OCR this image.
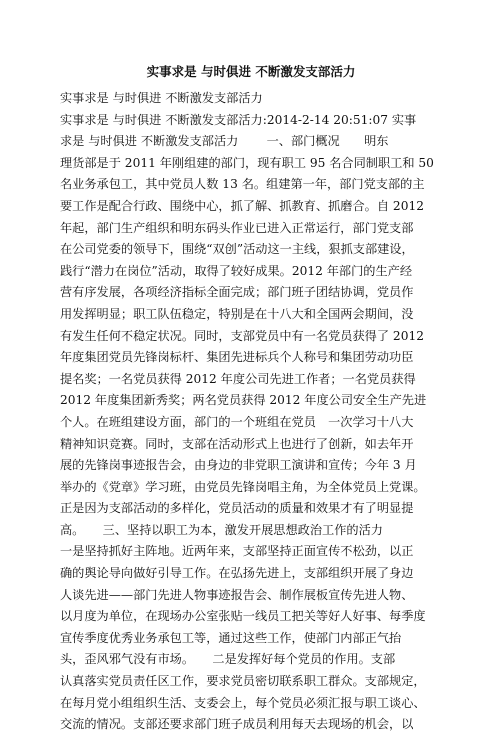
实事求是 与时俱进 不断激发支部活力
实事求是 与时俱进 不断激发支部活力
实事求是 与时俱进 不断激发支部活力:2014-2-14 20:51:07 实事
求是 与时俱进 不断激发支部活力 　　一、部门概况　　明东
理货部是于 2011 年刚组建的部门，现有职工 95 名合同制职工和 50
名业务承包工，其中党员人数 13 名。组建第一年，部门党支部的主
要工作是配合行政、围绕中心，抓了解、抓教育、抓磨合。自 2012
年起，部门生产组织和明东码头作业已进入正常运行，部门党支部
在公司党委的领导下，围绕“双创”活动这一主线，狠抓支部建设，
践行“潜力在岗位”活动，取得了较好成果。2012 年部门的生产经
营有序发展，各项经济指标全面完成；部门班子团结协调，党员作
用发挥明显；职工队伍稳定，特别是在十八大和全国两会期间，没
有发生任何不稳定状况。同时，支部党员中有一名党员获得了 2012
年度集团党员先锋岗标杆、集团先进标兵个人称号和集团劳动功臣
提名奖；一名党员获得 2012 年度公司先进工作者；一名党员获得
2012 年度集团新秀奖；两名党员获得 2012 年度公司安全生产先进
个人。在班组建设方面，部门的一个班组在党员　一次学习十八大
精神知识竞赛。同时，支部在活动形式上也进行了创新，如去年开
展的先锋岗事迹报告会，由身边的非党职工演讲和宣传；今年 3 月
举办的《党章》学习班，由党员先锋岗唱主角，为全体党员上党课。
正是因为支部活动的多样化，党员活动的质量和效果才有了明显提
高。　　三、坚持以职工为本，激发开展思想政治工作的活力　　
一是坚持抓好主阵地。近两年来，支部坚持正面宣传不松劲，以正
确的舆论导向做好引导工作。在弘扬先进上，支部组织开展了身边
人谈先进——部门先进人物事迹报告会、制作展板宣传先进人物、
以月度为单位，在现场办公室张贴一线员工把关等好人好事、每季度
宣传季度优秀业务承包工等，通过这些工作，使部门内部正气抬
头，歪风邪气没有市场。　　二是发挥好每个党员的作用。支部
认真落实党员责任区工作，要求党员密切联系职工群众。支部规定，
在每月党小组组织生活、支委会上，每个党员必须汇报与职工谈心、
交流的情况。支部还要求部门班子成员利用每天去现场的机会，以
